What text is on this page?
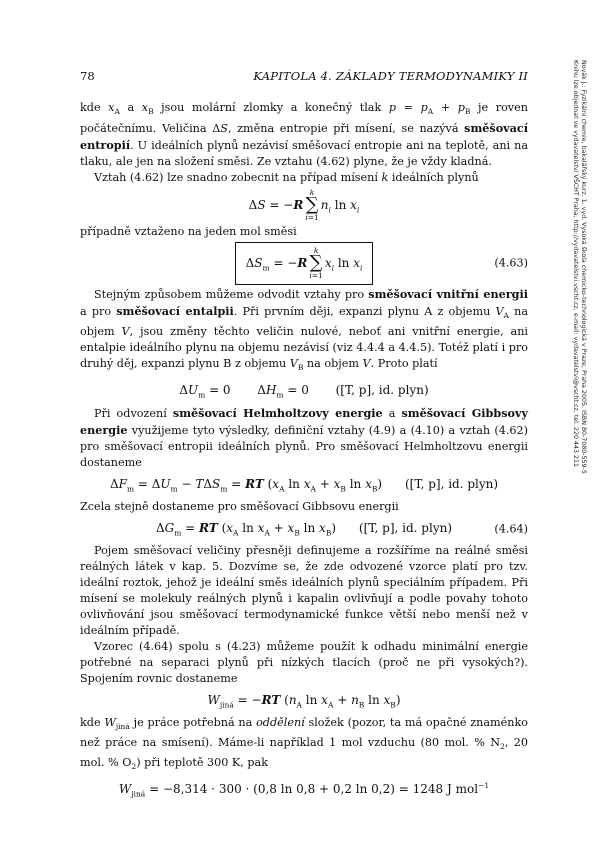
78	KAPITOLA 4. ZÁKLADY TERMODYNAMIKY II	Novák J.: Fyzikální chemie, bakalářský kurz. 1. vyd. Vysoká škola chemicko-technologická v Praze, Praha 2005. ISBN 80-7080-559-5
Knihu lze objednat ve vydavatelství VŠCHT Praha, http://vydavatelstvi.vscht.cz, e-mail: vydavatelstvi@vscht.cz, tel. 220 443 211

kde $x_A$ a $x_B$ jsou molární zlomky a konečný tlak $p = p_A + p_B$ je roven počátečnímu. Veličina ΔS, změna entropie při mísení, se nazývá směšovací entropií. U ideálních plynů nezávisí směšovací entropie ani na teplotě, ani na tlaku, ale jen na složení směsi. Ze vztahu (4.62) plyne, že je vždy kladná.

Vztah (4.62) lze snadno zobecnit na případ mísení k ideálních plynů

ΔS = −R
k
∑
i=1
$n_i$ $\ln x_i$

případně vztaženo na jeden mol směsi

$\Delta S_m = -R$
k
∑
i=1
$x_i$ $\ln x_i$	(4.63)

Stejným způsobem můžeme odvodit vztahy pro směšovací vnitřní energii a pro směšovací entalpii. Při prvním ději, expanzi plynu A z objemu $V_A$ na objem V, jsou změny těchto veličin nulové, neboť ani vnitřní energie, ani entalpie ideálního plynu na objemu nezávisí (viz 4.4.4 a 4.4.5). Totéž platí i pro druhý děj, expanzi plynu B z objemu $V_B$ na objem V. Proto platí

$\Delta U_m = 0$       $\Delta H_m = 0$       ([T, p], id. plyn)

Při odvození směšovací Helmholtzovy energie a směšovací Gibbsovy energie využijeme tyto výsledky, definiční vztahy (4.9) a (4.10) a vztah (4.62) pro směšovací entropii ideálních plynů. Pro směšovací Helmholtzovu energii dostaneme

$\Delta F_m = \Delta U_m - T\Delta S_m$ = RT ($x_A$ $\ln x_A + x_B$ $\ln x_B$)      ([T, p], id. plyn)

Zcela stejně dostaneme pro směšovací Gibbsovu energii

$\Delta G_m$ = RT ($x_A$ $\ln x_A + x_B$ $\ln x_B$)      ([T, p], id. plyn)	(4.64)

Pojem směšovací veličiny přesněji definujeme a rozšíříme na reálné směsi reálných látek v kap. 5. Dozvíme se, že zde odvozené vzorce platí pro tzv. ideální roztok, jehož je ideální směs ideálních plynů speciálním případem. Při mísení se molekuly reálných plynů i kapalin ovlivňují a podle povahy tohoto ovlivňování jsou směšovací termodynamické funkce větší nebo menší než v ideálním případě.

Vzorec (4.64) spolu s (4.23) můžeme použít k odhadu minimální energie potřebné na separaci plynů při nízkých tlacích (proč ne při vysokých?). Spojením rovnic dostaneme

$W_{jiná} = -RT$ ($n_A$ $\ln x_A + n_B$ $\ln x_B$)

kde $W_{jiná}$ je práce potřebná na oddělení složek (pozor, ta má opačné znaménko než práce na smísení). Máme-li například 1 mol vzduchu (80 mol. % $N_2$, 20 mol. % $O_2$) při teplotě 300 K, pak

$W_{jiná} = -8,314 \cdot 300 \cdot (0,8$ ln 0,8 + 0,2 ln 0,2) = 1248 J mol$^{-1}$
